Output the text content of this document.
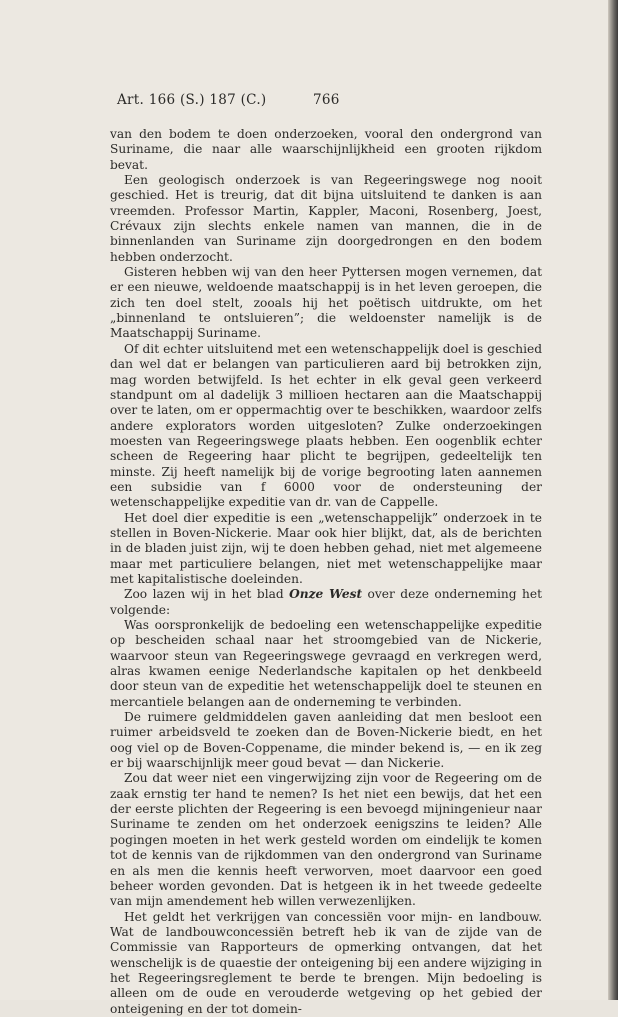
Art. 166 (S.) 187 (C.)	766

van den bodem te doen onderzoeken, vooral den ondergrond van Suriname, die naar alle waarschijnlijkheid een grooten rijkdom bevat.

Een geologisch onderzoek is van Regeeringswege nog nooit geschied. Het is treurig, dat dit bijna uitsluitend te danken is aan vreemden. Professor Martin, Kappler, Maconi, Rosenberg, Joest, Crévaux zijn slechts enkele namen van mannen, die in de binnenlanden van Suriname zijn doorgedrongen en den bodem hebben onderzocht.

Gisteren hebben wij van den heer Pyttersen mogen vernemen, dat er een nieuwe, weldoende maatschappij is in het leven geroepen, die zich ten doel stelt, zooals hij het poëtisch uitdrukte, om het „binnenland te ontsluieren”; die weldoenster namelijk is de Maatschappij Suriname.

Of dit echter uitsluitend met een wetenschappelijk doel is geschied dan wel dat er belangen van particulieren aard bij betrokken zijn, mag worden betwijfeld. Is het echter in elk geval geen verkeerd standpunt om al dadelijk 3 millioen hectaren aan die Maatschappij over te laten, om er oppermachtig over te beschikken, waardoor zelfs andere explorators worden uitgesloten? Zulke onderzoekingen moesten van Regeeringswege plaats hebben. Een oogenblik echter scheen de Regeering haar plicht te begrijpen, gedeeltelijk ten minste. Zij heeft namelijk bij de vorige begrooting laten aannemen een subsidie van f 6000 voor de ondersteuning der wetenschappelijke expeditie van dr. van de Cappelle.

Het doel dier expeditie is een „wetenschappelijk” onderzoek in te stellen in Boven-Nickerie. Maar ook hier blijkt, dat, als de berichten in de bladen juist zijn, wij te doen hebben gehad, niet met algemeene maar met particuliere belangen, niet met wetenschappelijke maar met kapitalistische doeleinden.

Zoo lazen wij in het blad Onze West over deze onderneming het volgende:

Was oorspronkelijk de bedoeling een wetenschappelijke expeditie op bescheiden schaal naar het stroomgebied van de Nickerie, waarvoor steun van Regeeringswege gevraagd en verkregen werd, alras kwamen eenige Nederlandsche kapitalen op het denkbeeld door steun van de expeditie het wetenschappelijk doel te steunen en mercantiele belangen aan de onderneming te verbinden.

De ruimere geldmiddelen gaven aanleiding dat men besloot een ruimer arbeidsveld te zoeken dan de Boven-Nickerie biedt, en het oog viel op de Boven-Coppename, die minder bekend is, — en ik zeg er bij waarschijnlijk meer goud bevat — dan Nickerie.

Zou dat weer niet een vingerwijzing zijn voor de Regeering om de zaak ernstig ter hand te nemen? Is het niet een bewijs, dat het een der eerste plichten der Regeering is een bevoegd mijningenieur naar Suriname te zenden om het onderzoek eenigszins te leiden? Alle pogingen moeten in het werk gesteld worden om eindelijk te komen tot de kennis van de rijkdommen van den ondergrond van Suriname en als men die kennis heeft verworven, moet daarvoor een goed beheer worden gevonden. Dat is hetgeen ik in het tweede gedeelte van mijn amendement heb willen verwezenlijken.

Het geldt het verkrijgen van concessiën voor mijn- en landbouw. Wat de landbouwconcessiën betreft heb ik van de zijde van de Commissie van Rapporteurs de opmerking ontvangen, dat het wenschelijk is de quaestie der onteigening bij een andere wijziging in het Regeeringsreglement te berde te brengen. Mijn bedoeling is alleen om de oude en verouderde wetgeving op het gebied der onteigening en der tot domein-
